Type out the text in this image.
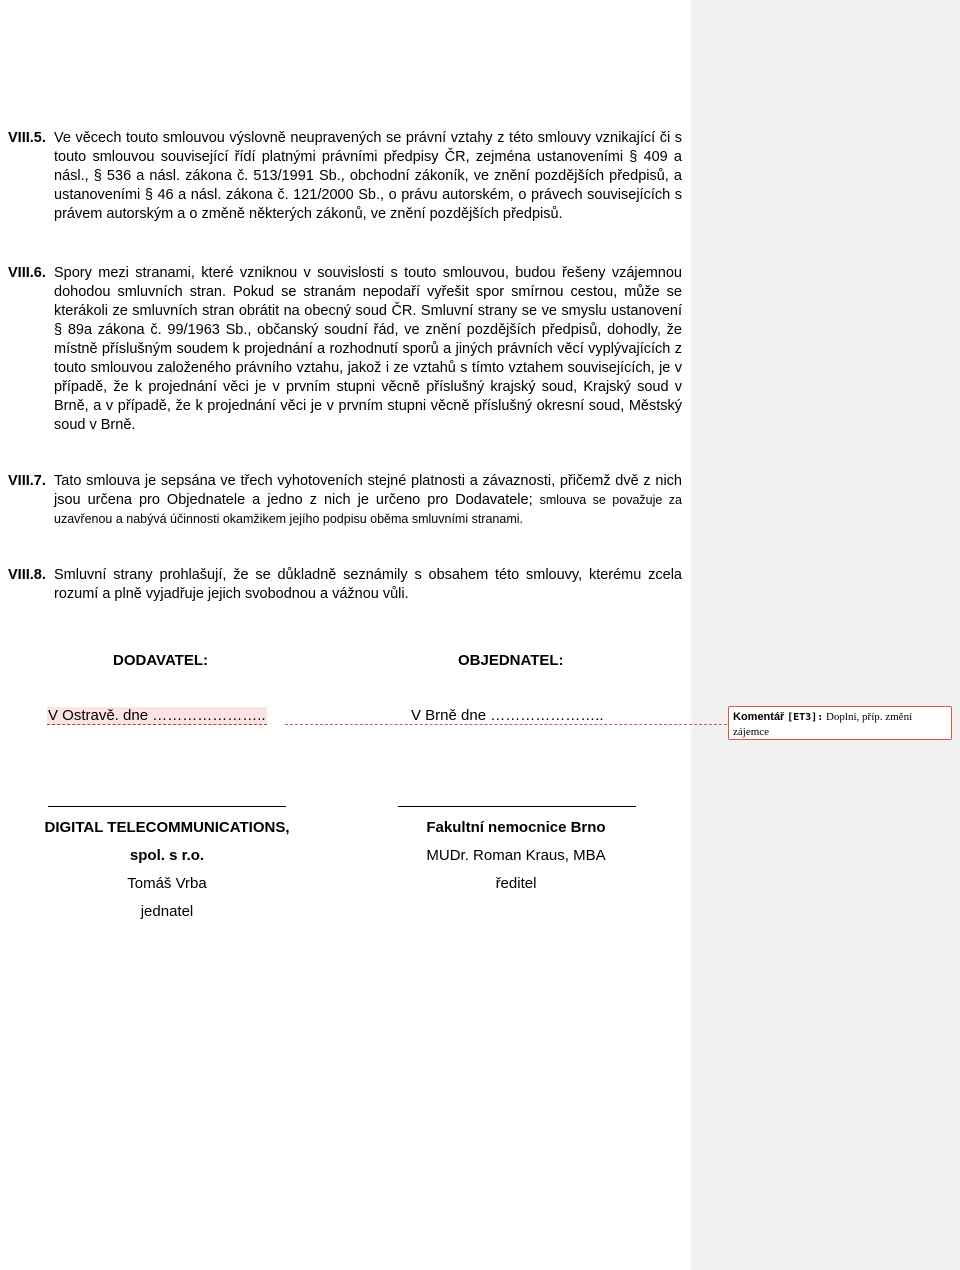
VIII.5. Ve věcech touto smlouvou výslovně neupravených se právní vztahy z této smlouvy vznikající či s touto smlouvou související řídí platnými právními předpisy ČR, zejména ustanoveními § 409 a násl., § 536 a násl. zákona č. 513/1991 Sb., obchodní zákoník, ve znění pozdějších předpisů, a ustanoveními § 46 a násl. zákona č. 121/2000 Sb., o právu autorském, o právech souvisejících s právem autorským a o změně některých zákonů, ve znění pozdějších předpisů.
VIII.6. Spory mezi stranami, které vzniknou v souvislosti s touto smlouvou, budou řešeny vzájemnou dohodou smluvních stran. Pokud se stranám nepodaří vyřešit spor smírnou cestou, může se kterákoli ze smluvních stran obrátit na obecný soud ČR. Smluvní strany se ve smyslu ustanovení § 89a zákona č. 99/1963 Sb., občanský soudní řád, ve znění pozdějších předpisů, dohodly, že místně příslušným soudem k projednání a rozhodnutí sporů a jiných právních věcí vyplývajících z touto smlouvou založeného právního vztahu, jakož i ze vztahů s tímto vztahem souvisejících, je v případě, že k projednání věci je v prvním stupni věcně příslušný krajský soud, Krajský soud v Brně, a v případě, že k projednání věci je v prvním stupni věcně příslušný okresní soud, Městský soud v Brně.
VIII.7. Tato smlouva je sepsána ve třech vyhotoveních stejné platnosti a závaznosti, přičemž dvě z nich jsou určena pro Objednatele a jedno z nich je určeno pro Dodavatele; smlouva se považuje za uzavřenou a nabývá účinnosti okamžikem jejího podpisu oběma smluvními stranami.
VIII.8. Smluvní strany prohlašují, že se důkladně seznámily s obsahem této smlouvy, kterému zcela rozumí a plně vyjadřuje jejich svobodnou a vážnou vůli.
DODAVATEL:	OBJEDNATEL:
V Ostravě. dne …………………..	V Brně dne …………………..
DIGITAL TELECOMMUNICATIONS,
spol. s r.o.
Tomáš Vrba
jednatel
Fakultní nemocnice Brno
MUDr. Roman Kraus, MBA
ředitel
Komentář [ET3]: Doplní, příp. změní zájemce
